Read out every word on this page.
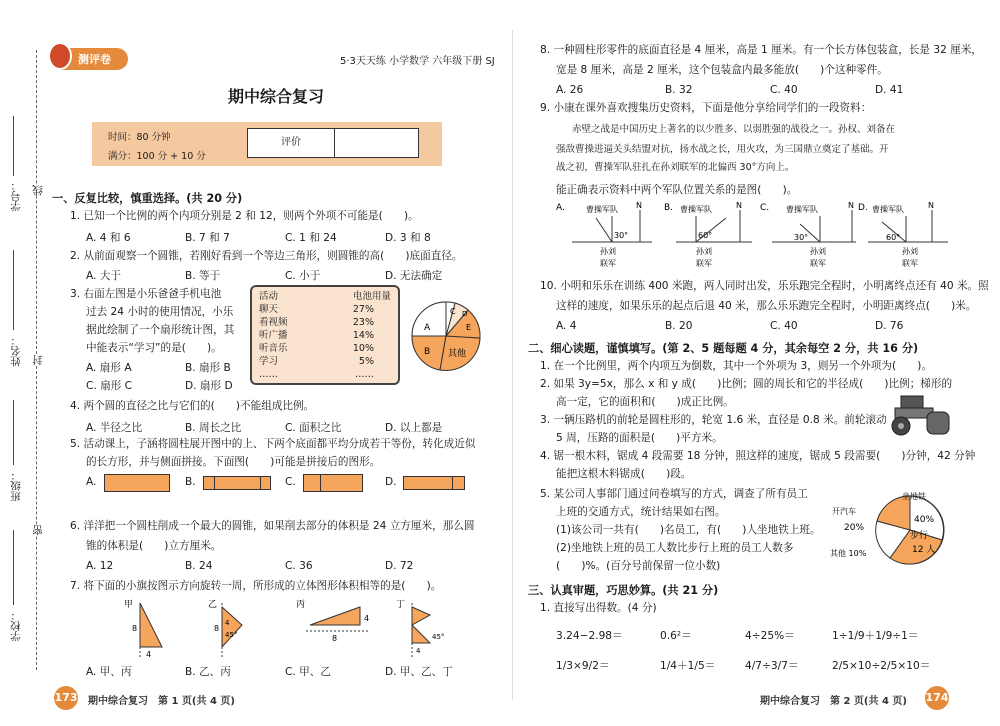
学号：
姓名：
班级：
学校：
线
封
密
测评卷	5·3天天练 小学数学 六年级下册 SJ
期中综合复习
时间：80 分钟
满分：100 分 + 10 分
评价
一、反复比较，慎重选择。(共 20 分)
1. 已知一个比例的两个内项分别是 2 和 12，则两个外项不可能是(　　)。
A. 4 和 6	B. 7 和 7	C. 1 和 24	D. 3 和 8
2. 从前面观察一个圆锥，若刚好看到一个等边三角形，则圆锥的高(　　)底面直径。
A. 大于	B. 等于	C. 小于	D. 无法确定
3. 右面左图是小乐爸爸手机电池
过去 24 小时的使用情况，小乐
据此绘制了一个扇形统计图，其
中能表示“学习”的是(　　)。
A. 扇形 A	B. 扇形 B
C. 扇形 C	D. 扇形 D
活动	电池用量
聊天	27%
看视频	23%
听广播	14%
听音乐	10%
学习	5%
……	……
A
B
C D
E
其他
4. 两个圆的直径之比与它们的(　　)不能组成比例。
A. 半径之比	B. 周长之比	C. 面积之比	D. 以上都是
5. 活动课上，子涵将圆柱展开图中的上、下两个底面都平均分成若干等份，转化成近似
的长方形，并与侧面拼接。下面图(　　)可能是拼接后的图形。
A.	B.	C.	D.
6. 洋洋把一个圆柱削成一个最大的圆锥，如果削去部分的体积是 24 立方厘米，那么圆
锥的体积是(　　)立方厘米。
A. 12	B. 24	C. 36	D. 72
7. 将下面的小旗按图示方向旋转一周，所形成的立体图形体积相等的是(　　)。
甲
8
4
乙
4
45°
8
丙
8
4
丁
45°
4
A. 甲、丙	B. 乙、丙	C. 甲、乙	D. 甲、乙、丁
173 期中综合复习　第 1 页(共 4 页)
8. 一种圆柱形零件的底面直径是 4 厘米，高是 1 厘米。有一个长方体包装盒，长是 32 厘米，
宽是 8 厘米，高是 2 厘米，这个包装盒内最多能放(　　)个这种零件。
A. 26	B. 32	C. 40	D. 41
9. 小康在课外喜欢搜集历史资料，下面是他分享给同学们的一段资料：
赤壁之战是中国历史上著名的以少胜多、以弱胜强的战役之一。孙权、刘备在
强敌曹操进逼关头结盟对抗，扬水战之长，用火攻，为三国鼎立奠定了基础。开
战之初，曹操军队驻扎在孙刘联军的北偏西 30°方向上。
能正确表示资料中两个军队位置关系的是图(　　)。
A.	曹操军队 N
30°
孙刘
联军
B. 曹操军队	N
60°
孙刘
联军
C. 曹操军队	N
30°
孙刘
联军
D. 曹操军队	N
60°
孙刘
联军
10. 小明和乐乐在训练 400 米跑，两人同时出发，乐乐跑完全程时，小明离终点还有 40 米。照
这样的速度，如果乐乐的起点后退 40 米，那么乐乐跑完全程时，小明距离终点(　　)米。
A. 4	B. 20	C. 40	D. 76
二、细心读题，谨慎填写。(第 2、5 题每题 4 分，其余每空 2 分，共 16 分)
1. 在一个比例里，两个内项互为倒数，其中一个外项为 3，则另一个外项为(　　)。
2. 如果 3y=5x，那么 x 和 y 成(　　)比例；圆的周长和它的半径成(　　)比例；梯形的
高一定，它的面积和(　　)成正比例。
3. 一辆压路机的前轮是圆柱形的，轮宽 1.6 米，直径是 0.8 米。前轮滚动
5 周，压路的面积是(　　)平方米。
4. 锯一根木料，锯成 4 段需要 18 分钟，照这样的速度，锯成 5 段需要(　　)分钟，42 分钟
能把这根木料锯成(　　)段。
5. 某公司人事部门通过问卷填写的方式，调查了所有员工
上班的交通方式，统计结果如右图。
(1)该公司一共有(　　)名员工，有(　　)人坐地铁上班。
(2)坐地铁上班的员工人数比步行上班的员工人数多
(　　)%。(百分号前保留一位小数)
坐地铁
40%
开汽车
20%
步行
12 人
其他 10%
三、认真审题，巧思妙算。(共 21 分)
1. 直接写出得数。(4 分)
3.24−2.98＝	0.6²＝	4÷25%＝	1÷1/9＋1/9÷1＝
1/3×9/2＝	1/4＋1/5＝	4/7÷3/7＝	2/5×10÷2/5×10＝
期中综合复习　第 2 页(共 4 页) 174
